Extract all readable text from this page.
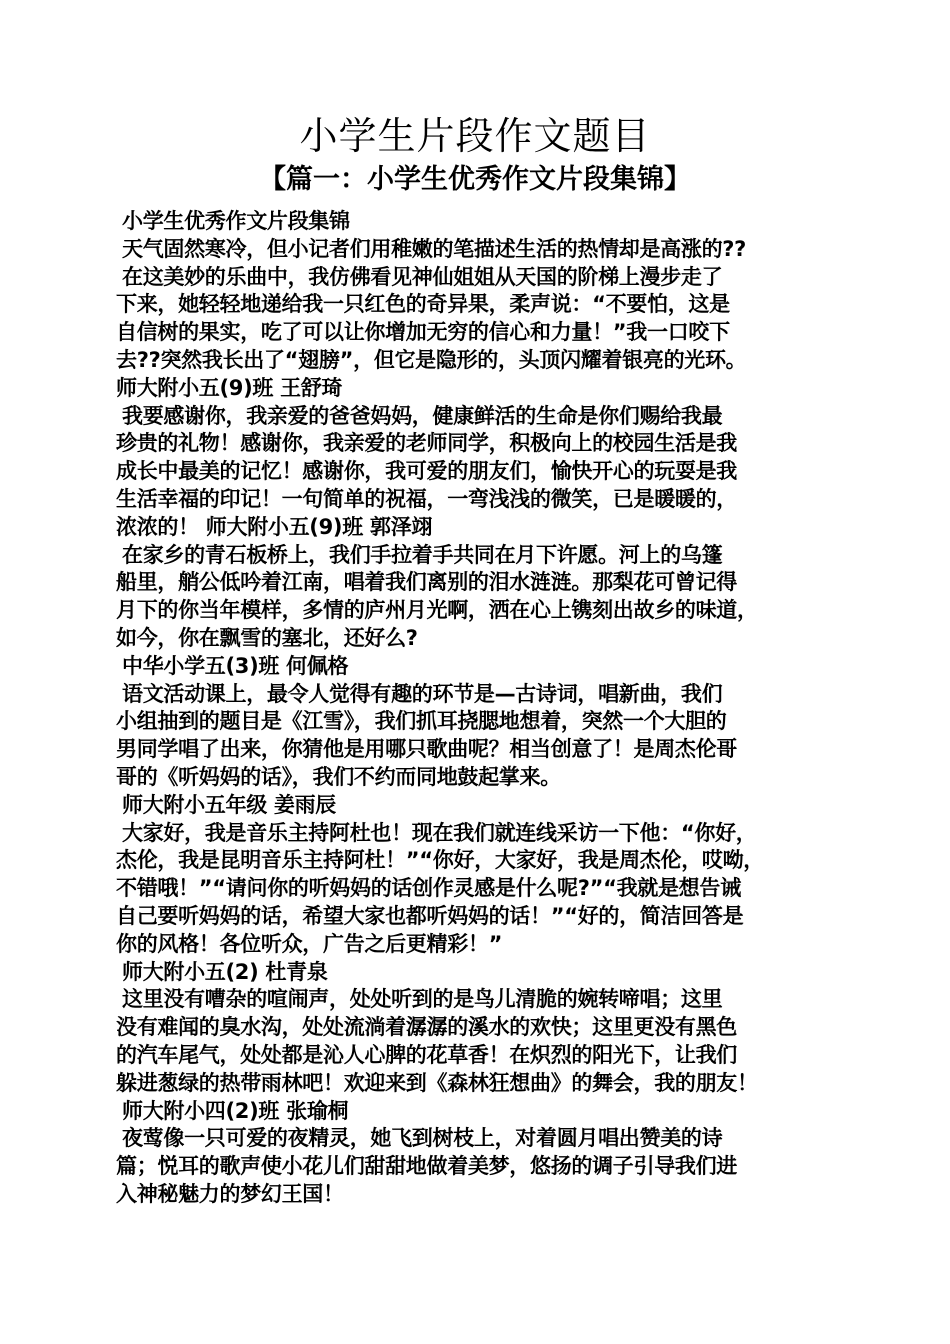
小学生片段作文题目
【篇一：小学生优秀作文片段集锦】
小学生优秀作文片段集锦
天气固然寒冷，但小记者们用稚嫩的笔描述生活的热情却是高涨的??
在这美妙的乐曲中，我仿佛看见神仙姐姐从天国的阶梯上漫步走了
下来，她轻轻地递给我一只红色的奇异果，柔声说：“不要怕，这是
自信树的果实，吃了可以让你增加无穷的信心和力量！”我一口咬下
去??突然我长出了“翅膀”，但它是隐形的，头顶闪耀着银亮的光环。
师大附小五(9)班 王舒琦
我要感谢你，我亲爱的爸爸妈妈，健康鲜活的生命是你们赐给我最
珍贵的礼物！感谢你，我亲爱的老师同学，积极向上的校园生活是我
成长中最美的记忆！感谢你，我可爱的朋友们，愉快开心的玩耍是我
生活幸福的印记！一句简单的祝福，一弯浅浅的微笑，已是暖暖的，
浓浓的！ 师大附小五(9)班 郭泽翊
在家乡的青石板桥上，我们手拉着手共同在月下许愿。河上的乌篷
船里，艄公低吟着江南，唱着我们离别的泪水涟涟。那梨花可曾记得
月下的你当年模样，多情的庐州月光啊，洒在心上镌刻出故乡的味道，
如今，你在飘雪的塞北，还好么?
中华小学五(3)班 何佩格
语文活动课上，最令人觉得有趣的环节是—古诗词，唱新曲，我们
小组抽到的题目是《江雪》，我们抓耳挠腮地想着，突然一个大胆的
男同学唱了出来，你猜他是用哪只歌曲呢？相当创意了！是周杰伦哥
哥的《听妈妈的话》，我们不约而同地鼓起掌来。
师大附小五年级 姜雨辰
大家好，我是音乐主持阿杜也！现在我们就连线采访一下他：“你好，
杰伦，我是昆明音乐主持阿杜！”“你好，大家好，我是周杰伦，哎呦，
不错哦！”“请问你的听妈妈的话创作灵感是什么呢?”“我就是想告诫
自己要听妈妈的话，希望大家也都听妈妈的话！”“好的，简洁回答是
你的风格！各位听众，广告之后更精彩！”
师大附小五(2) 杜青泉
这里没有嘈杂的喧闹声，处处听到的是鸟儿清脆的婉转啼唱；这里
没有难闻的臭水沟，处处流淌着潺潺的溪水的欢快；这里更没有黑色
的汽车尾气，处处都是沁人心脾的花草香！在炽烈的阳光下，让我们
躲进葱绿的热带雨林吧！欢迎来到《森林狂想曲》的舞会，我的朋友！
师大附小四(2)班 张瑜桐
夜莺像一只可爱的夜精灵，她飞到树枝上，对着圆月唱出赞美的诗
篇；悦耳的歌声使小花儿们甜甜地做着美梦，悠扬的调子引导我们进
入神秘魅力的梦幻王国！
